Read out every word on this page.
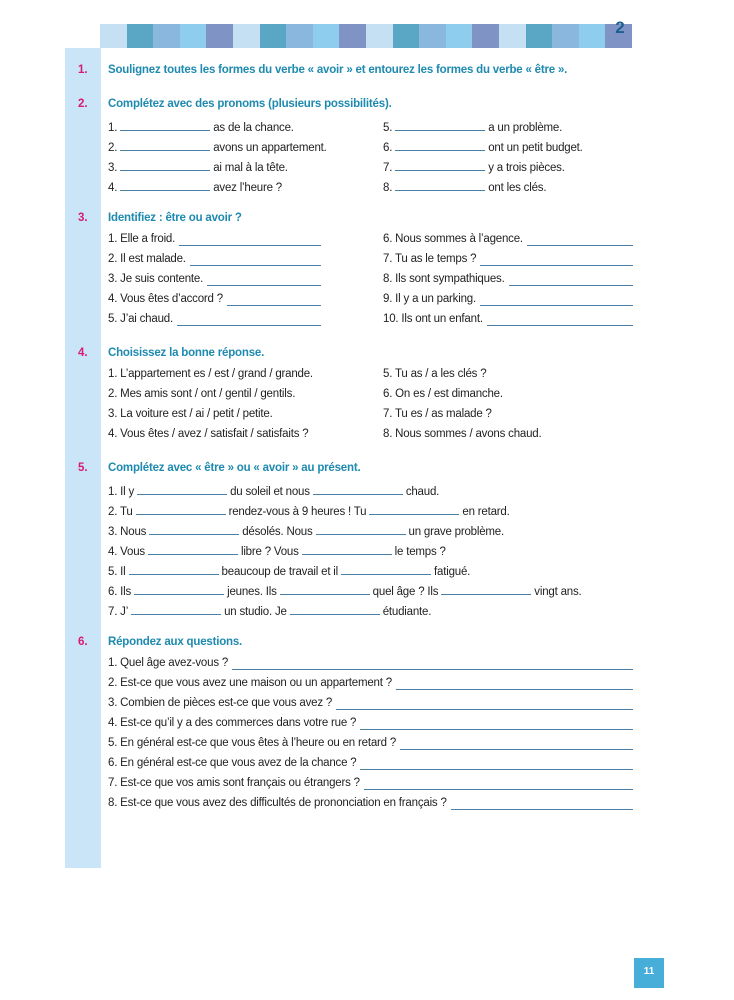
2
1. Soulignez toutes les formes du verbe « avoir » et entourez les formes du verbe « être ».
2. Complétez avec des pronoms (plusieurs possibilités).
1.	as de la chance.
2.	avons un appartement.
3.	ai mal à la tête.
4.	avez l’heure ?
5.	a un problème.
6.	ont un petit budget.
7.	y a trois pièces.
8.	ont les clés.
3. Identifiez : être ou avoir ?
1. Elle a froid.
2. Il est malade.
3. Je suis contente.
4. Vous êtes d’accord ?
5. J’ai chaud.
6. Nous sommes à l’agence.
7. Tu as le temps ?
8. Ils sont sympathiques.
9. Il y a un parking.
10. Ils ont un enfant.
4. Choisissez la bonne réponse.
1. L’appartement es / est / grand / grande.
2. Mes amis sont / ont / gentil / gentils.
3. La voiture est / ai / petit / petite.
4. Vous êtes / avez / satisfait / satisfaits ?
5. Tu as / a les clés ?
6. On es / est dimanche.
7. Tu es / as malade ?
8. Nous sommes / avons chaud.
5. Complétez avec « être » ou « avoir » au présent.
1. Il y	du soleil et nous	chaud.
2. Tu	rendez-vous à 9 heures ! Tu	en retard.
3. Nous	désolés. Nous	un grave problème.
4. Vous	libre ? Vous	le temps ?
5. Il	beaucoup de travail et il	fatigué.
6. Ils	jeunes. Ils	quel âge ? Ils	vingt ans.
7. J’	un studio. Je	étudiante.
6. Répondez aux questions.
1. Quel âge avez-vous ?
2. Est-ce que vous avez une maison ou un appartement ?
3. Combien de pièces est-ce que vous avez ?
4. Est-ce qu’il y a des commerces dans votre rue ?
5. En général est-ce que vous êtes à l’heure ou en retard ?
6. En général est-ce que vous avez de la chance ?
7. Est-ce que vos amis sont français ou étrangers ?
8. Est-ce que vous avez des difficultés de prononciation en français ?
11
